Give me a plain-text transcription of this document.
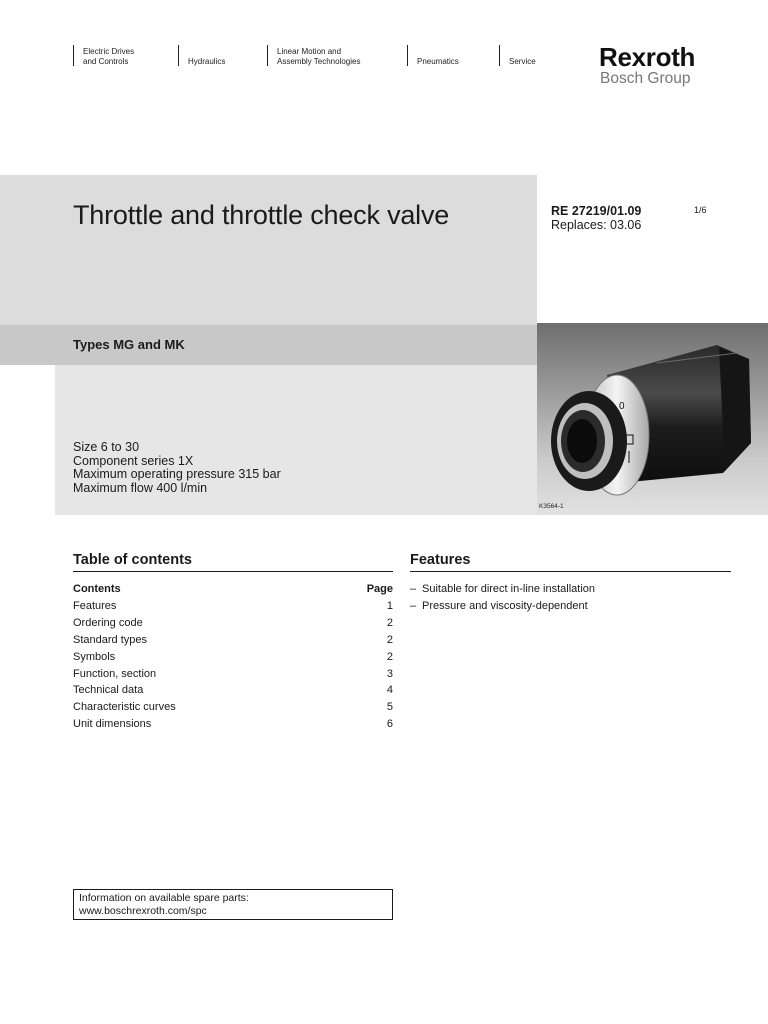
Electric Drives
and Controls	Hydraulics
Linear Motion and
Assembly Technologies	Pneumatics	Service Rexroth
Bosch Group
Throttle and throttle check valve
Types MG and MK
Size 6 to 30
Component series 1X
Maximum operating pressure 315 bar
Maximum flow 400 l/min
RE 27219/01.09
Replaces: 03.06
1/6
0
K3564-1
Table of contents
Contents	Page
Features	1
Ordering code	2
Standard types	2
Symbols	2
Function, section	3
Technical data	4
Characteristic curves	5
Unit dimensions	6
Features
– Suitable for direct in-line installation
– Pressure and viscosity-dependent
Information on available spare parts:
www.boschrexroth.com/spc
